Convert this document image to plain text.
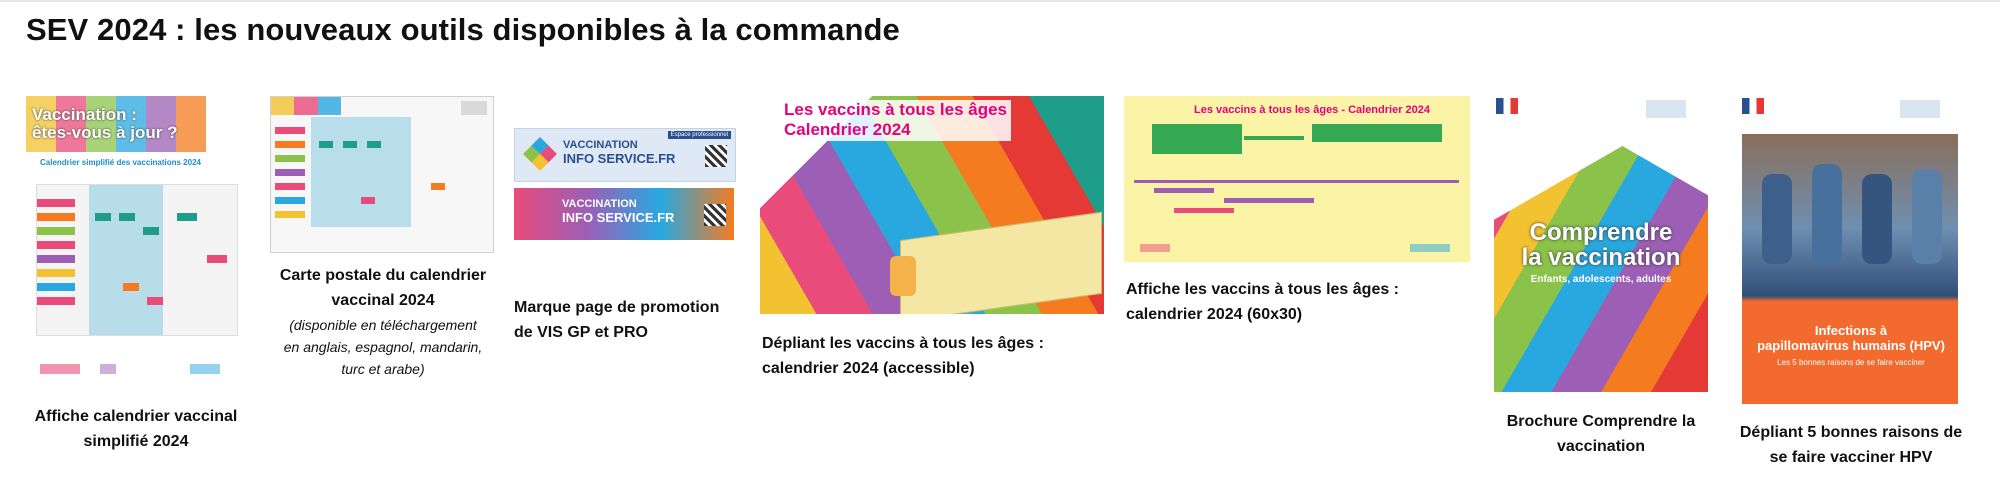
SEV 2024 : les nouveaux outils disponibles à la commande
Vaccination :
êtes-vous à jour ?
Calendrier simplifié des vaccinations 2024
Affiche calendrier vaccinal simplifié 2024
Carte postale du calendrier vaccinal 2024
(disponible en téléchargement en anglais, espagnol, mandarin, turc et arabe)
VACCINATION
INFO SERVICE.FR
Espace professionnel
VACCINATION
INFO SERVICE.FR
Marque page de promotion de VIS GP et PRO
Les vaccins à tous les âges
Calendrier 2024
Dépliant les vaccins à tous les âges : calendrier 2024 (accessible)
Les vaccins à tous les âges - Calendrier 2024
Affiche les vaccins à tous les âges : calendrier 2024 (60x30)
Comprendre
la vaccination
Enfants, adolescents, adultes
Brochure Comprendre la vaccination
Infections à
papillomavirus humains (HPV)
Les 5 bonnes raisons de se faire vacciner
Dépliant 5 bonnes raisons de se faire vacciner HPV
